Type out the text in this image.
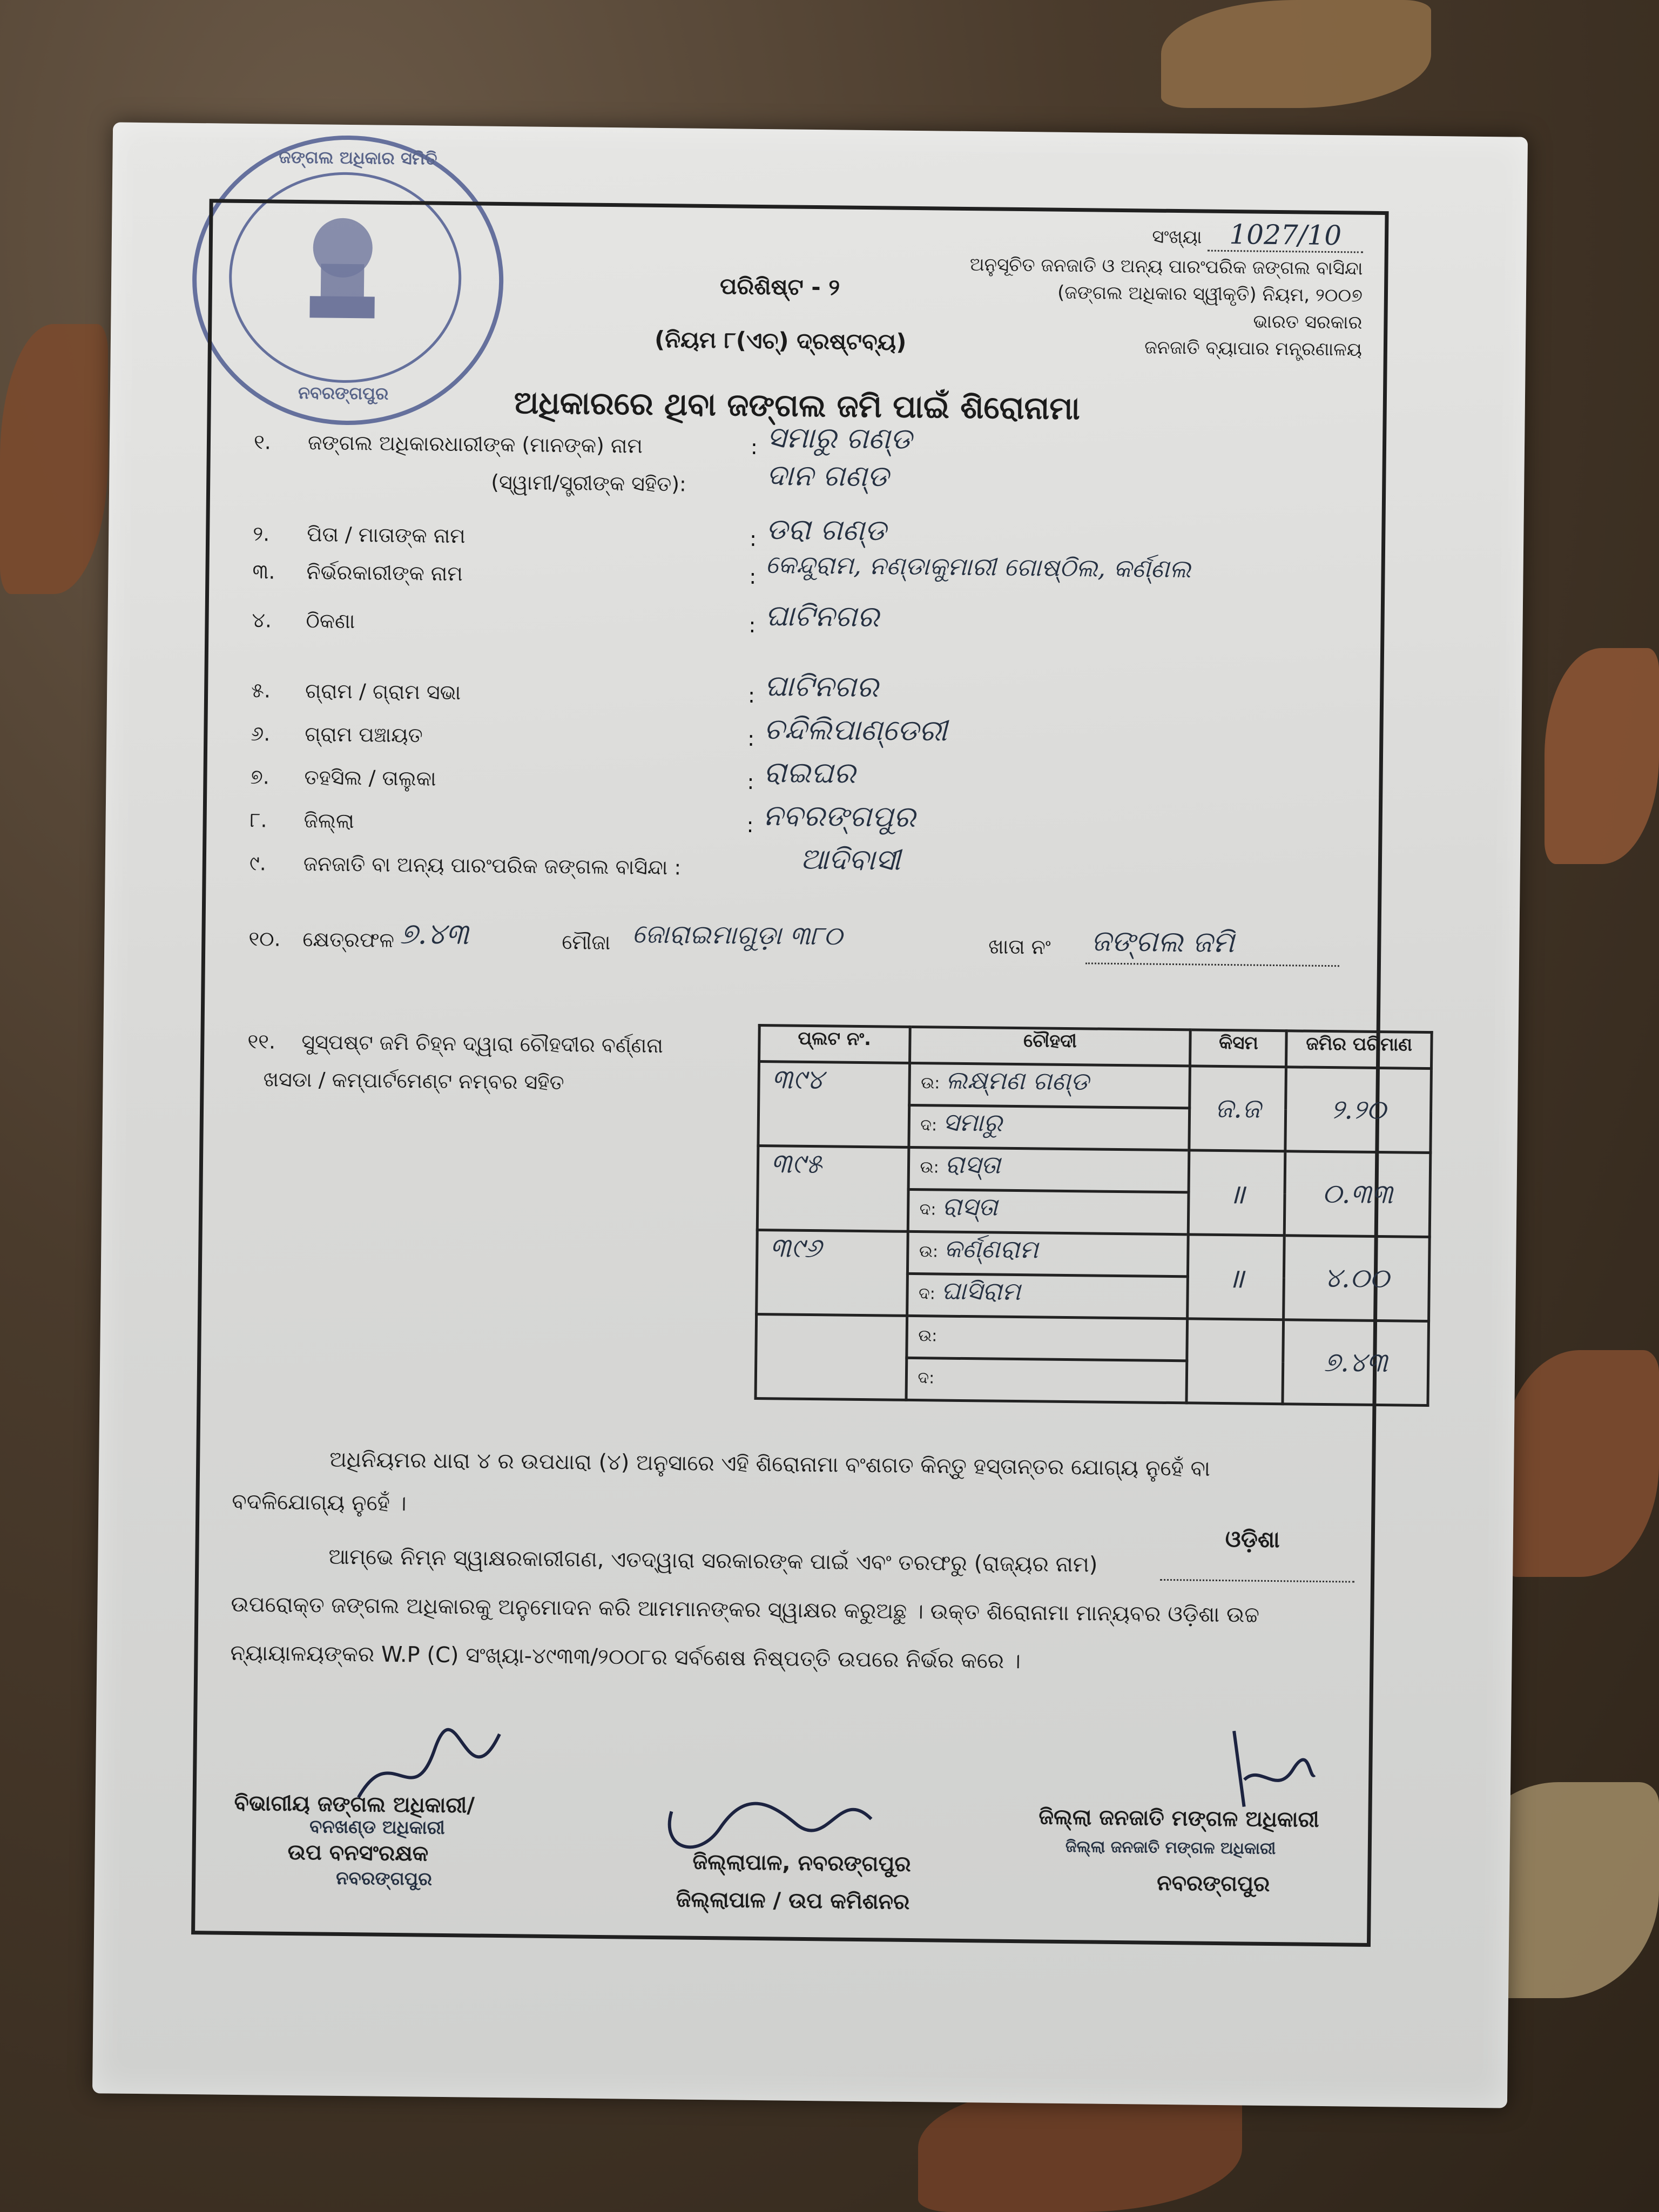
ଜଙ୍ଗଲ ଅଧିକାର ସମିତି
ନବରଙ୍ଗପୁର
ସଂଖ୍ୟା 1027/10
ଅନୁସୂଚିତ ଜନଜାତି ଓ ଅନ୍ୟ ପାରଂପରିକ ଜଙ୍ଗଲ ବାସିନ୍ଦା
(ଜଙ୍ଗଲ ଅଧିକାର ସ୍ୱୀକୃତି) ନିୟମ, ୨୦୦୭
ଭାରତ ସରକାର
ଜନଜାତି ବ୍ୟାପାର ମନ୍ତ୍ରଣାଳୟ
ପରିଶିଷ୍ଟ - ୨
(ନିୟମ ୮(ଏଚ୍) ଦ୍ରଷ୍ଟବ୍ୟ)
ଅଧିକାରରେ ଥିବା ଜଙ୍ଗଲ ଜମି ପାଇଁ ଶିରୋନାମା
୧. ଜଙ୍ଗଲ ଅଧିକାରଧାରୀଙ୍କ (ମାନଙ୍କ) ନାମ	: ସମାରୁ ଗଣ୍ଡ
(ସ୍ୱାମୀ/ସ୍ତ୍ରୀଙ୍କ ସହିତ):	ଦାନ ଗଣ୍ଡ
୨. ପିତା / ମାତାଙ୍କ ନାମ	: ଡରା ଗଣ୍ଡ
୩. ନିର୍ଭରକାରୀଙ୍କ ନାମ	: କେନ୍ଦୁରାମ, ନଣ୍ଡାକୁମାରୀ ଗୋଷ୍ଠିଲ, କର୍ଣ୍ଣଲ
୪. ଠିକଣା	: ଘାଟିନଗର
୫. ଗ୍ରାମ / ଗ୍ରାମ ସଭା	: ଘାଟିନଗର
୬. ଗ୍ରାମ ପଞ୍ଚାୟତ	: ଚନ୍ଦିଲିପାଣ୍ଡେରୀ
୭. ତହସିଲ / ତାଲୁକା	: ରାଇଘର
୮. ଜିଲ୍ଲା	: ନବରଙ୍ଗପୁର
୯. ଜନଜାତି ବା ଅନ୍ୟ ପାରଂପରିକ ଜଙ୍ଗଲ ବାସିନ୍ଦା :	ଆଦିବାସୀ
୧୦. କ୍ଷେତ୍ରଫଳ ୭.୪୩	ମୌଜା ଜୋରାଇମାଗୁଡ଼ା ୩୮୦	ଖାତା ନଂ ଜଙ୍ଗଲ ଜମି
୧୧. ସୁସ୍ପଷ୍ଟ ଜମି ଚିହ୍ନ ଦ୍ୱାରା ଚୌହଦୀର ବର୍ଣ୍ଣନା
ଖସଡା / କମ୍ପାର୍ଟମେଣ୍ଟ ନମ୍ବର ସହିତ
ପ୍ଲଟ ନଂ.	ଚୌହଦୀ	କିସମ	ଜମିର ପରିମାଣ
୩୯୪	ଉ: ଲକ୍ଷ୍ମଣ ଗଣ୍ଡ	ଜ.ଜ	୨.୨୦
	ଦ: ସମାରୁ		
୩୯୫	ଉ: ରାସ୍ତା	॥	୦.୩୩
	ଦ: ରାସ୍ତା		
୩୯୬	ଉ: କର୍ଣ୍ଣରାମ	॥	୪.୦୦
	ଦ: ଘାସିରାମ		
	ଉ:		୭.୪୩
	ଦ:		
ଅଧିନିୟମର ଧାରା ୪ ର ଉପଧାରା (୪) ଅନୁସାରେ ଏହି ଶିରୋନାମା ବଂଶଗତ କିନ୍ତୁ ହସ୍ତାନ୍ତର ଯୋଗ୍ୟ ନୁହେଁ ବା
ବଦଳିଯୋଗ୍ୟ ନୁହେଁ ।
ଓଡ଼ିଶା
ଆମ୍ଭେ ନିମ୍ନ ସ୍ୱାକ୍ଷରକାରୀଗଣ, ଏତଦ୍ୱାରା ସରକାରଙ୍କ ପାଇଁ ଏବଂ ତରଫରୁ (ରାଜ୍ୟର ନାମ)
ଉପରୋକ୍ତ ଜଙ୍ଗଲ ଅଧିକାରକୁ ଅନୁମୋଦନ କରି ଆମମାନଙ୍କର ସ୍ୱାକ୍ଷର କରୁଅଛୁ । ଉକ୍ତ ଶିରୋନାମା ମାନ୍ୟବର ଓଡ଼ିଶା ଉଚ୍ଚ
ନ୍ୟାୟାଳୟଙ୍କର W.P (C) ସଂଖ୍ୟା-୪୯୩୩/୨୦୦୮ର ସର୍ବଶେଷ ନିଷ୍ପତ୍ତି ଉପରେ ନିର୍ଭର କରେ ।
ବିଭାଗୀୟ ଜଙ୍ଗଲ ଅଧିକାରୀ/
ବନଖଣ୍ଡ ଅଧିକାରୀ
ଉପ ବନସଂରକ୍ଷକ
ନବରଙ୍ଗପୁର
ଜିଲ୍ଲାପାଳ, ନବରଙ୍ଗପୁର
ଜିଲ୍ଲାପାଳ / ଉପ କମିଶନର
ଜିଲ୍ଲା ଜନଜାତି ମଙ୍ଗଳ ଅଧିକାରୀ
ଜିଲ୍ଲା ଜନଜାତି ମଙ୍ଗଳ ଅଧିକାରୀ
ନବରଙ୍ଗପୁର
